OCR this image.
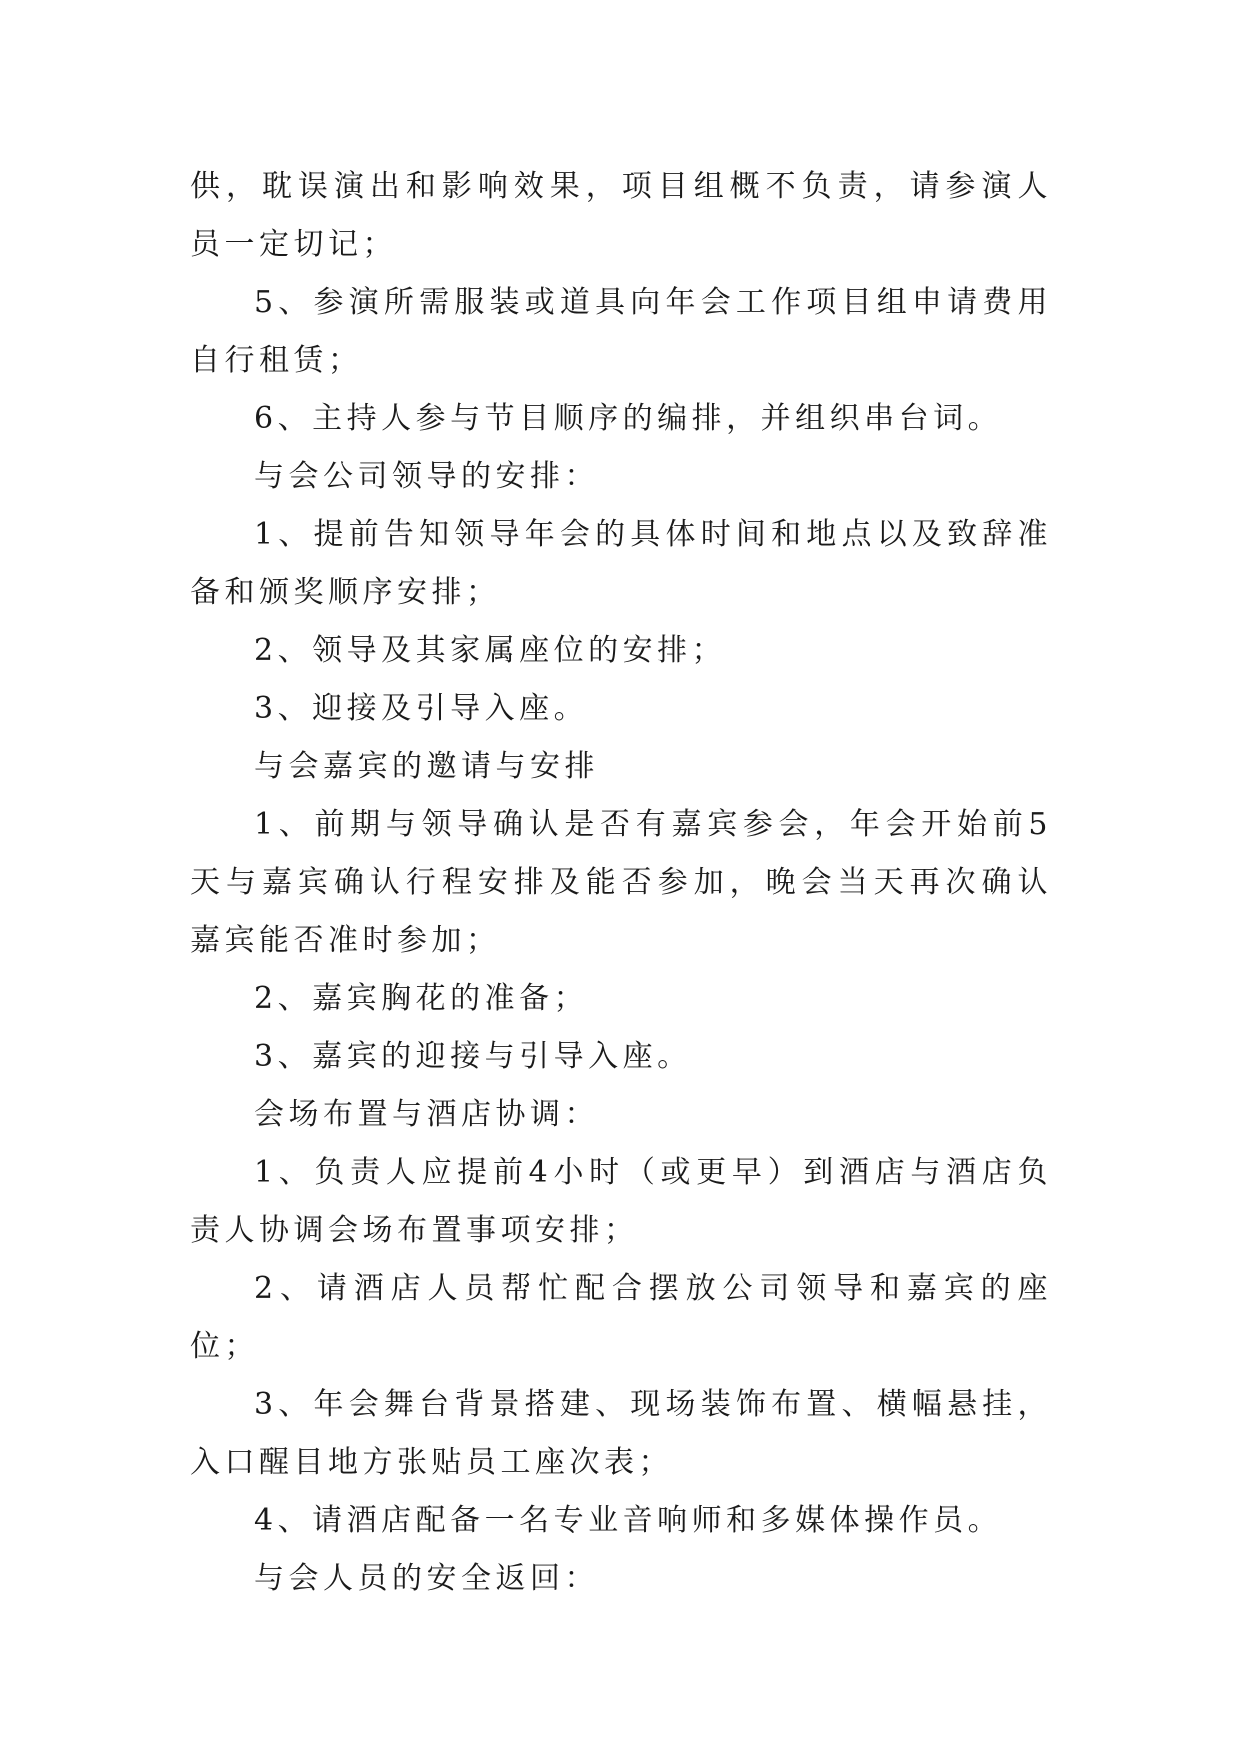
供，耽误演出和影响效果，项目组概不负责，请参演人员一定切记；

5、参演所需服装或道具向年会工作项目组申请费用自行租赁；

6、主持人参与节目顺序的编排，并组织串台词。

与会公司领导的安排：

1、提前告知领导年会的具体时间和地点以及致辞准备和颁奖顺序安排；

2、领导及其家属座位的安排；

3、迎接及引导入座。

与会嘉宾的邀请与安排

1、前期与领导确认是否有嘉宾参会，年会开始前5天与嘉宾确认行程安排及能否参加，晚会当天再次确认嘉宾能否准时参加；

2、嘉宾胸花的准备；

3、嘉宾的迎接与引导入座。

会场布置与酒店协调：

1、负责人应提前4小时（或更早）到酒店与酒店负责人协调会场布置事项安排；

2、请酒店人员帮忙配合摆放公司领导和嘉宾的座位；

3、年会舞台背景搭建、现场装饰布置、横幅悬挂，入口醒目地方张贴员工座次表；

4、请酒店配备一名专业音响师和多媒体操作员。

与会人员的安全返回：
